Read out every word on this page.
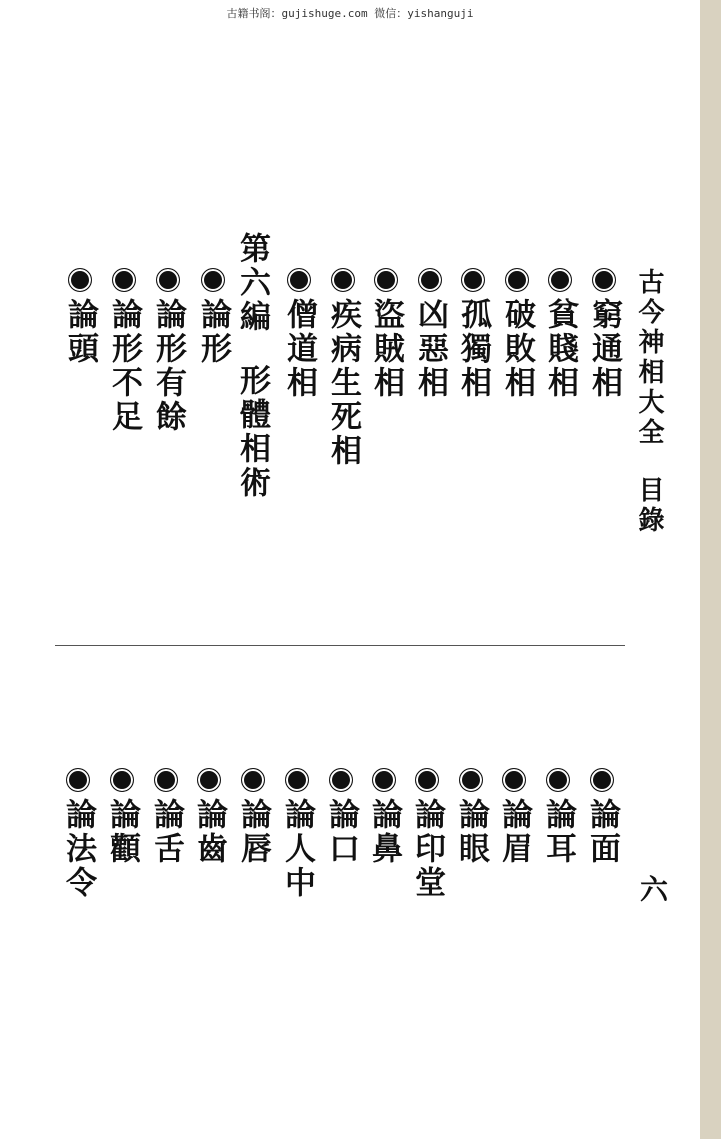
古籍书阁：gujishuge.com 微信：yishanguji
古今神相大全
目錄
窮通相
貧賤相
破敗相
孤獨相
凶惡相
盜賊相
疾病生死相
僧道相
第六編
形體相術
論形
論形有餘
論形不足
論頭
論面
論耳
論眉
論眼
論印堂
論鼻
論口
論人中
論唇
論齒
論舌
論顴
論法令	六
